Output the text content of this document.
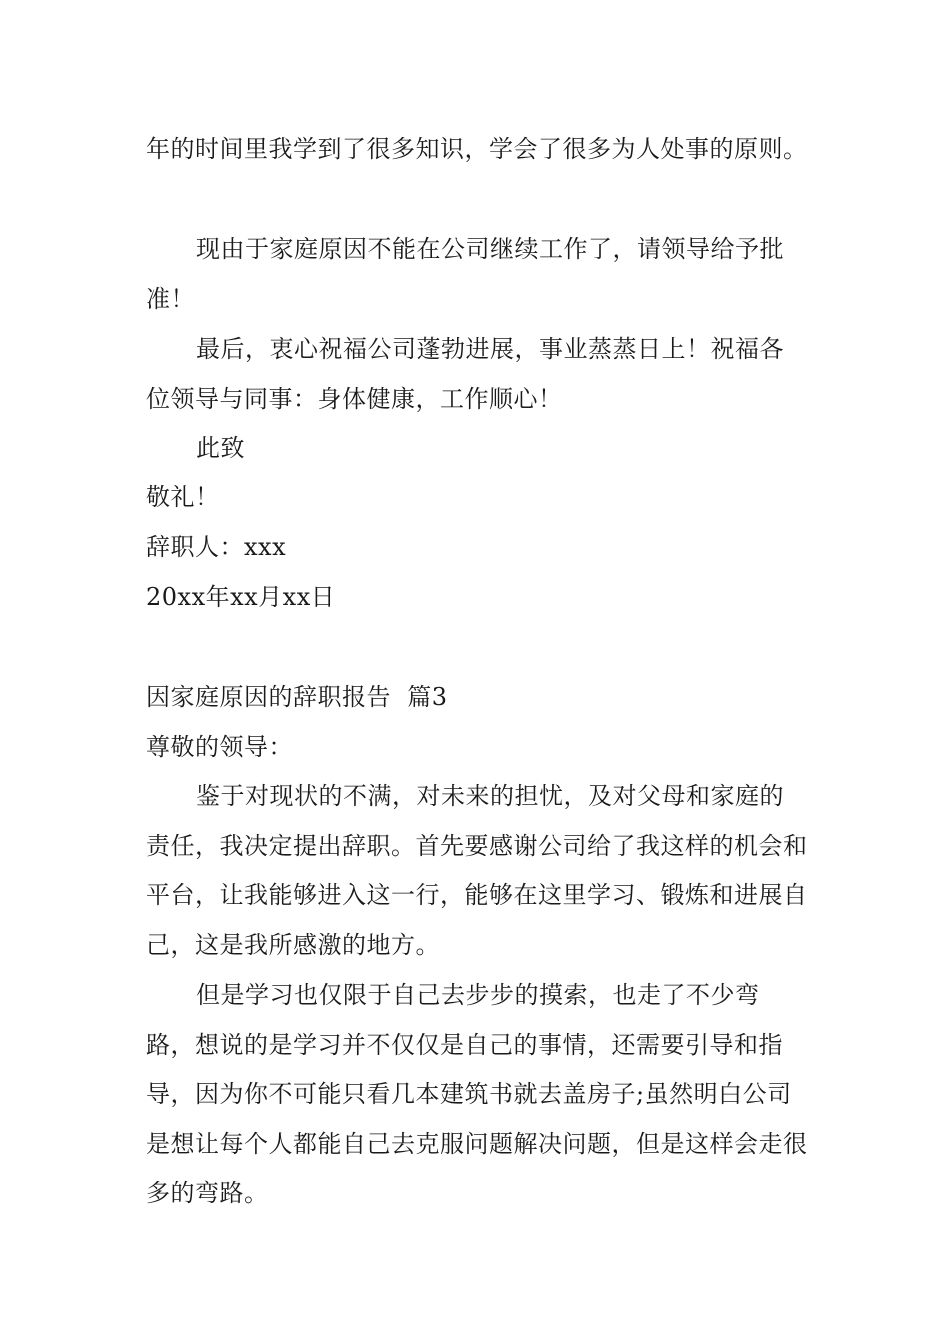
年的时间里我学到了很多知识，学会了很多为人处事的原则。

现由于家庭原因不能在公司继续工作了，请领导给予批准！

最后，衷心祝福公司蓬勃进展，事业蒸蒸日上！祝福各位领导与同事：身体健康，工作顺心！

此致

敬礼！

辞职人：xxx

20xx年xx月xx日

因家庭原因的辞职报告  篇3

尊敬的领导：

鉴于对现状的不满，对未来的担忧，及对父母和家庭的责任，我决定提出辞职。首先要感谢公司给了我这样的机会和平台，让我能够进入这一行，能够在这里学习、锻炼和进展自己，这是我所感激的地方。

但是学习也仅限于自己去步步的摸索，也走了不少弯路，想说的是学习并不仅仅是自己的事情，还需要引导和指导，因为你不可能只看几本建筑书就去盖房子;虽然明白公司是想让每个人都能自己去克服问题解决问题，但是这样会走很多的弯路。
